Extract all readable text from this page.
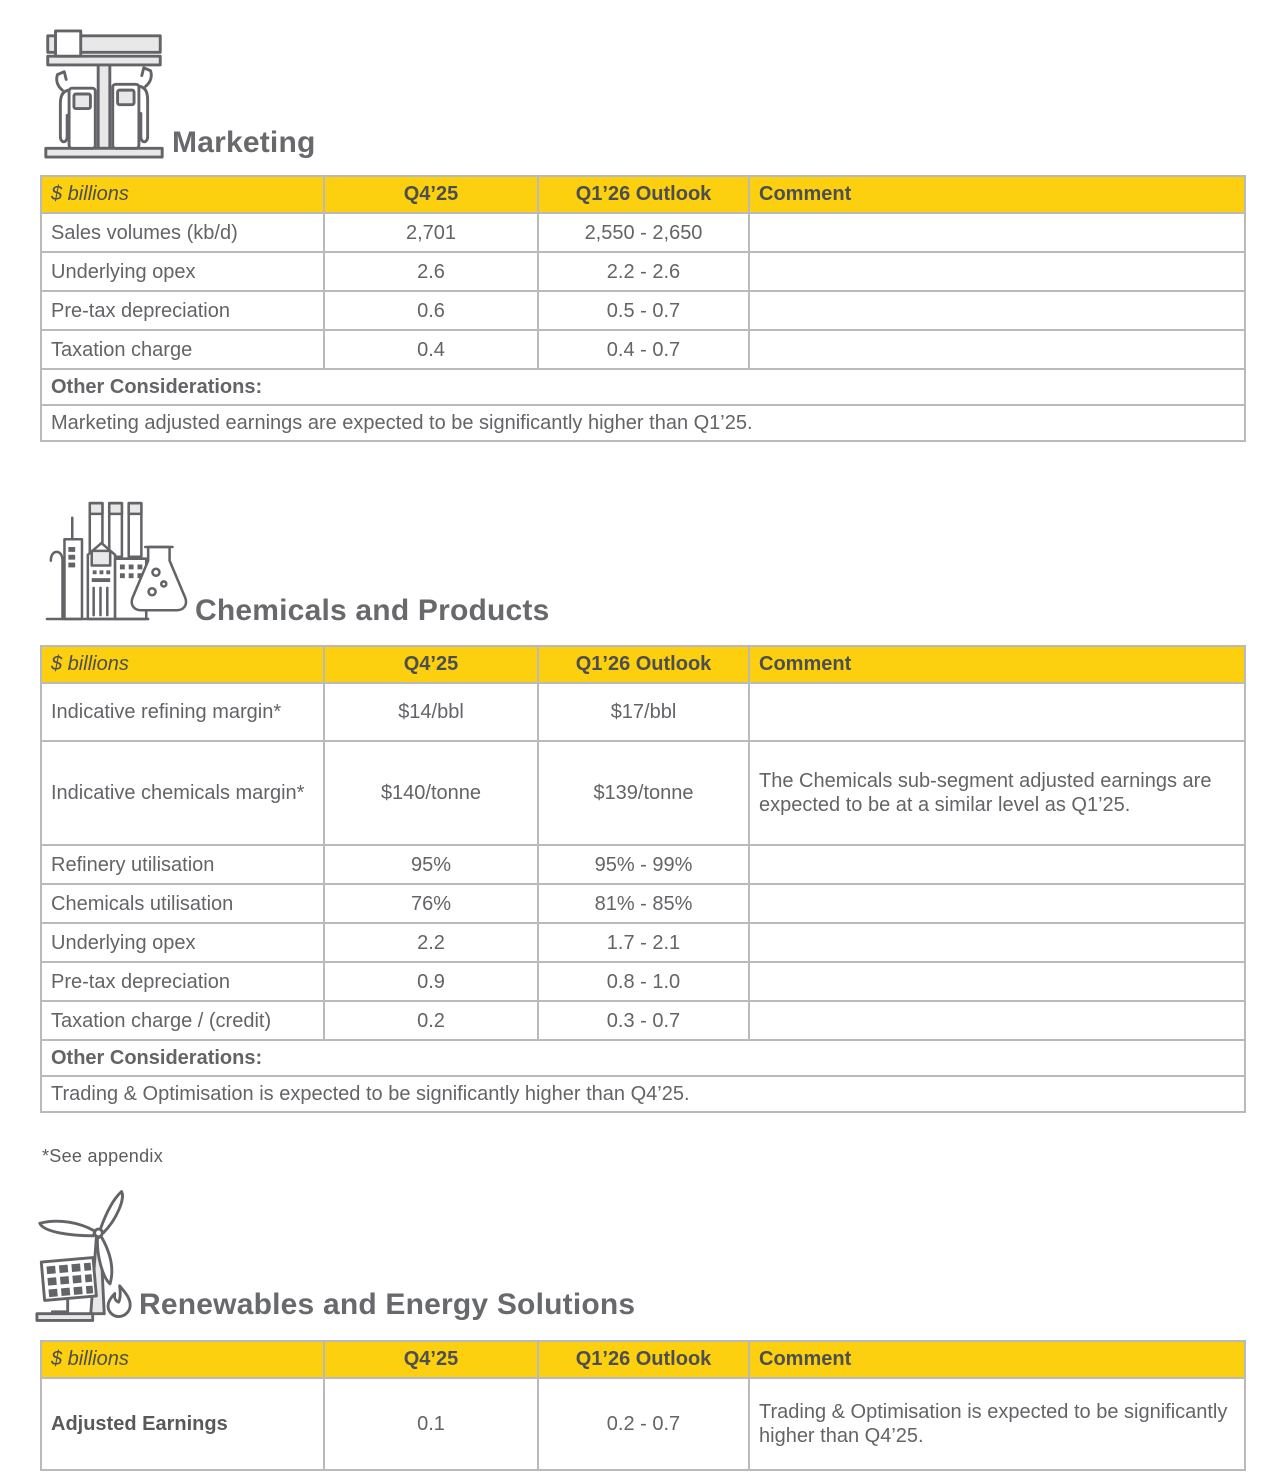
Marketing
$ billions	Q4’25	Q1’26 Outlook	Comment
Sales volumes (kb/d)	2,701	2,550 - 2,650	
Underlying opex	2.6	2.2 - 2.6	
Pre-tax depreciation	0.6	0.5 - 0.7	
Taxation charge	0.4	0.4 - 0.7	
Other Considerations:			
Marketing adjusted earnings are expected to be significantly higher than Q1’25.			
Chemicals and Products
$ billions	Q4’25	Q1’26 Outlook	Comment
Indicative refining margin*	$14/bbl	$17/bbl	
Indicative chemicals margin*	$140/tonne	$139/tonne	The Chemicals sub-segment adjusted earnings are expected to be at a similar level as Q1’25.
Refinery utilisation	95%	95% - 99%	
Chemicals utilisation	76%	81% - 85%	
Underlying opex	2.2	1.7 - 2.1	
Pre-tax depreciation	0.9	0.8 - 1.0	
Taxation charge / (credit)	0.2	0.3 - 0.7	
Other Considerations:			
Trading & Optimisation is expected to be significantly higher than Q4’25.			
*See appendix
Renewables and Energy Solutions
$ billions	Q4’25	Q1’26 Outlook	Comment
Adjusted Earnings	0.1	0.2 - 0.7	Trading & Optimisation is expected to be significantly higher than Q4’25.
